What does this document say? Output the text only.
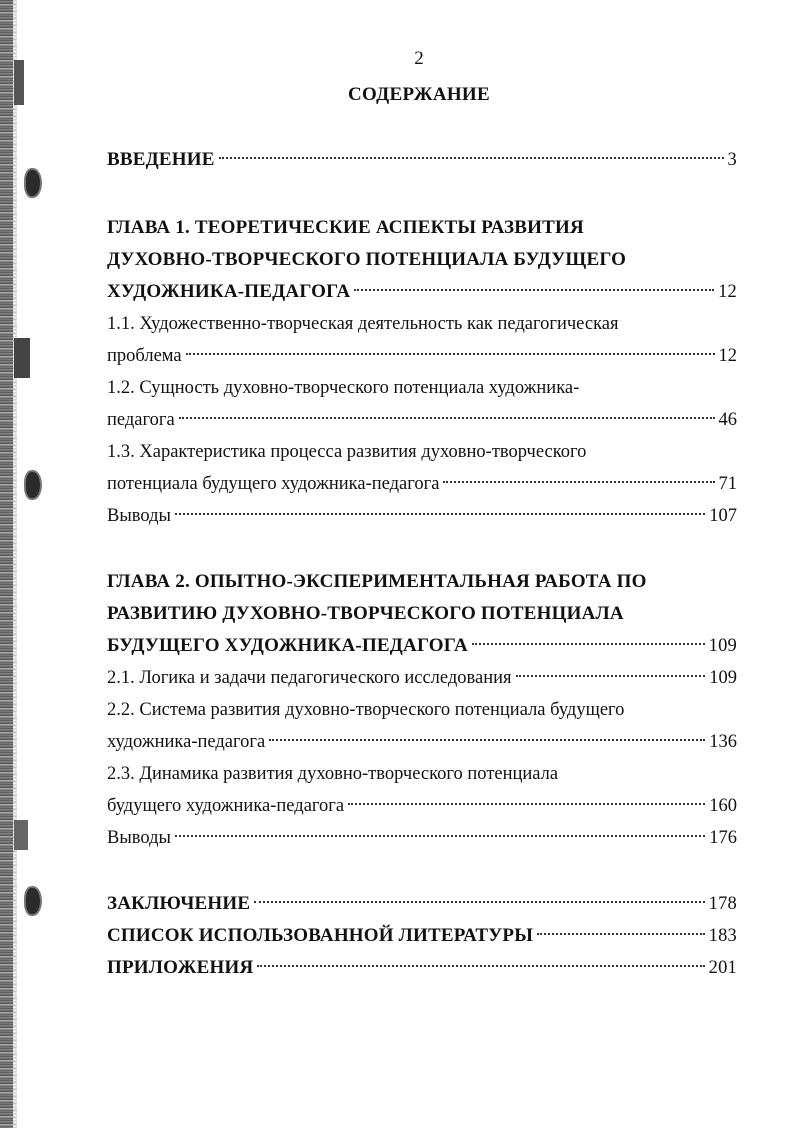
2
СОДЕРЖАНИЕ
ВВЕДЕНИЕ	3
ГЛАВА 1. ТЕОРЕТИЧЕСКИЕ АСПЕКТЫ РАЗВИТИЯ
ДУХОВНО-ТВОРЧЕСКОГО ПОТЕНЦИАЛА БУДУЩЕГО
ХУДОЖНИКА-ПЕДАГОГА	12
1.1. Художественно-творческая деятельность как педагогическая
проблема	12
1.2. Сущность духовно-творческого потенциала художника-
педагога	46
1.3. Характеристика процесса развития духовно-творческого
потенциала будущего художника-педагога	71
Выводы	107
ГЛАВА 2. ОПЫТНО-ЭКСПЕРИМЕНТАЛЬНАЯ РАБОТА ПО
РАЗВИТИЮ ДУХОВНО-ТВОРЧЕСКОГО ПОТЕНЦИАЛА
БУДУЩЕГО ХУДОЖНИКА-ПЕДАГОГА	109
2.1. Логика и задачи педагогического исследования	109
2.2. Система развития духовно-творческого потенциала будущего
художника-педагога	136
2.3. Динамика развития духовно-творческого потенциала
будущего художника-педагога	160
Выводы	176
ЗАКЛЮЧЕНИЕ	178
СПИСОК ИСПОЛЬЗОВАННОЙ ЛИТЕРАТУРЫ	183
ПРИЛОЖЕНИЯ	201
